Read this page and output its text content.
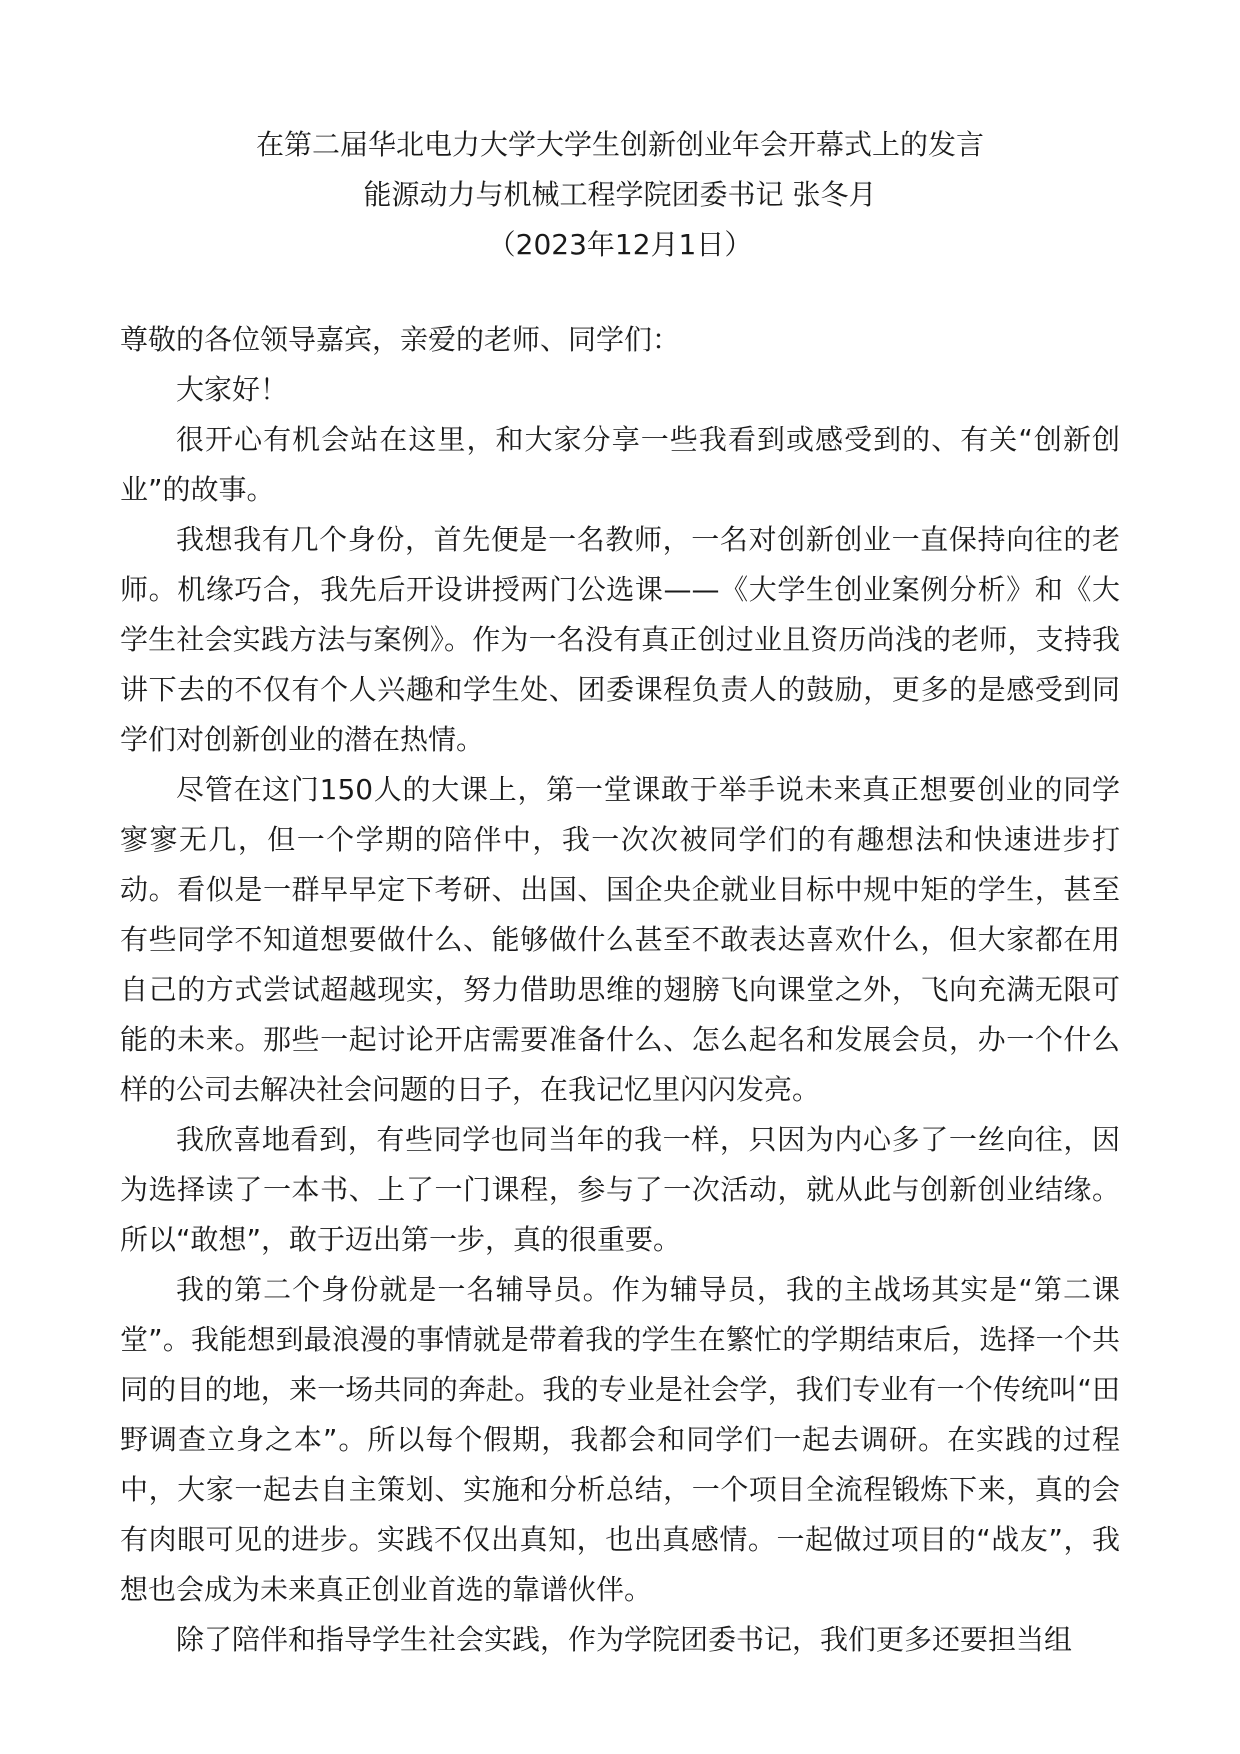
在第二届华北电力大学大学生创新创业年会开幕式上的发言
能源动力与机械工程学院团委书记 张冬月
（2023年12月1日）

尊敬的各位领导嘉宾，亲爱的老师、同学们：

大家好！

很开心有机会站在这里，和大家分享一些我看到或感受到的、有关“创新创业”的故事。

我想我有几个身份，首先便是一名教师，一名对创新创业一直保持向往的老师。机缘巧合，我先后开设讲授两门公选课——《大学生创业案例分析》和《大学生社会实践方法与案例》。作为一名没有真正创过业且资历尚浅的老师，支持我讲下去的不仅有个人兴趣和学生处、团委课程负责人的鼓励，更多的是感受到同学们对创新创业的潜在热情。

尽管在这门150人的大课上，第一堂课敢于举手说未来真正想要创业的同学寥寥无几，但一个学期的陪伴中，我一次次被同学们的有趣想法和快速进步打动。看似是一群早早定下考研、出国、国企央企就业目标中规中矩的学生，甚至有些同学不知道想要做什么、能够做什么甚至不敢表达喜欢什么，但大家都在用自己的方式尝试超越现实，努力借助思维的翅膀飞向课堂之外，飞向充满无限可能的未来。那些一起讨论开店需要准备什么、怎么起名和发展会员，办一个什么样的公司去解决社会问题的日子，在我记忆里闪闪发亮。

我欣喜地看到，有些同学也同当年的我一样，只因为内心多了一丝向往，因为选择读了一本书、上了一门课程，参与了一次活动，就从此与创新创业结缘。所以“敢想”，敢于迈出第一步，真的很重要。

我的第二个身份就是一名辅导员。作为辅导员，我的主战场其实是“第二课堂”。我能想到最浪漫的事情就是带着我的学生在繁忙的学期结束后，选择一个共同的目的地，来一场共同的奔赴。我的专业是社会学，我们专业有一个传统叫“田野调查立身之本”。所以每个假期，我都会和同学们一起去调研。在实践的过程中，大家一起去自主策划、实施和分析总结，一个项目全流程锻炼下来，真的会有肉眼可见的进步。实践不仅出真知，也出真感情。一起做过项目的“战友”，我想也会成为未来真正创业首选的靠谱伙伴。

除了陪伴和指导学生社会实践，作为学院团委书记，我们更多还要担当组
